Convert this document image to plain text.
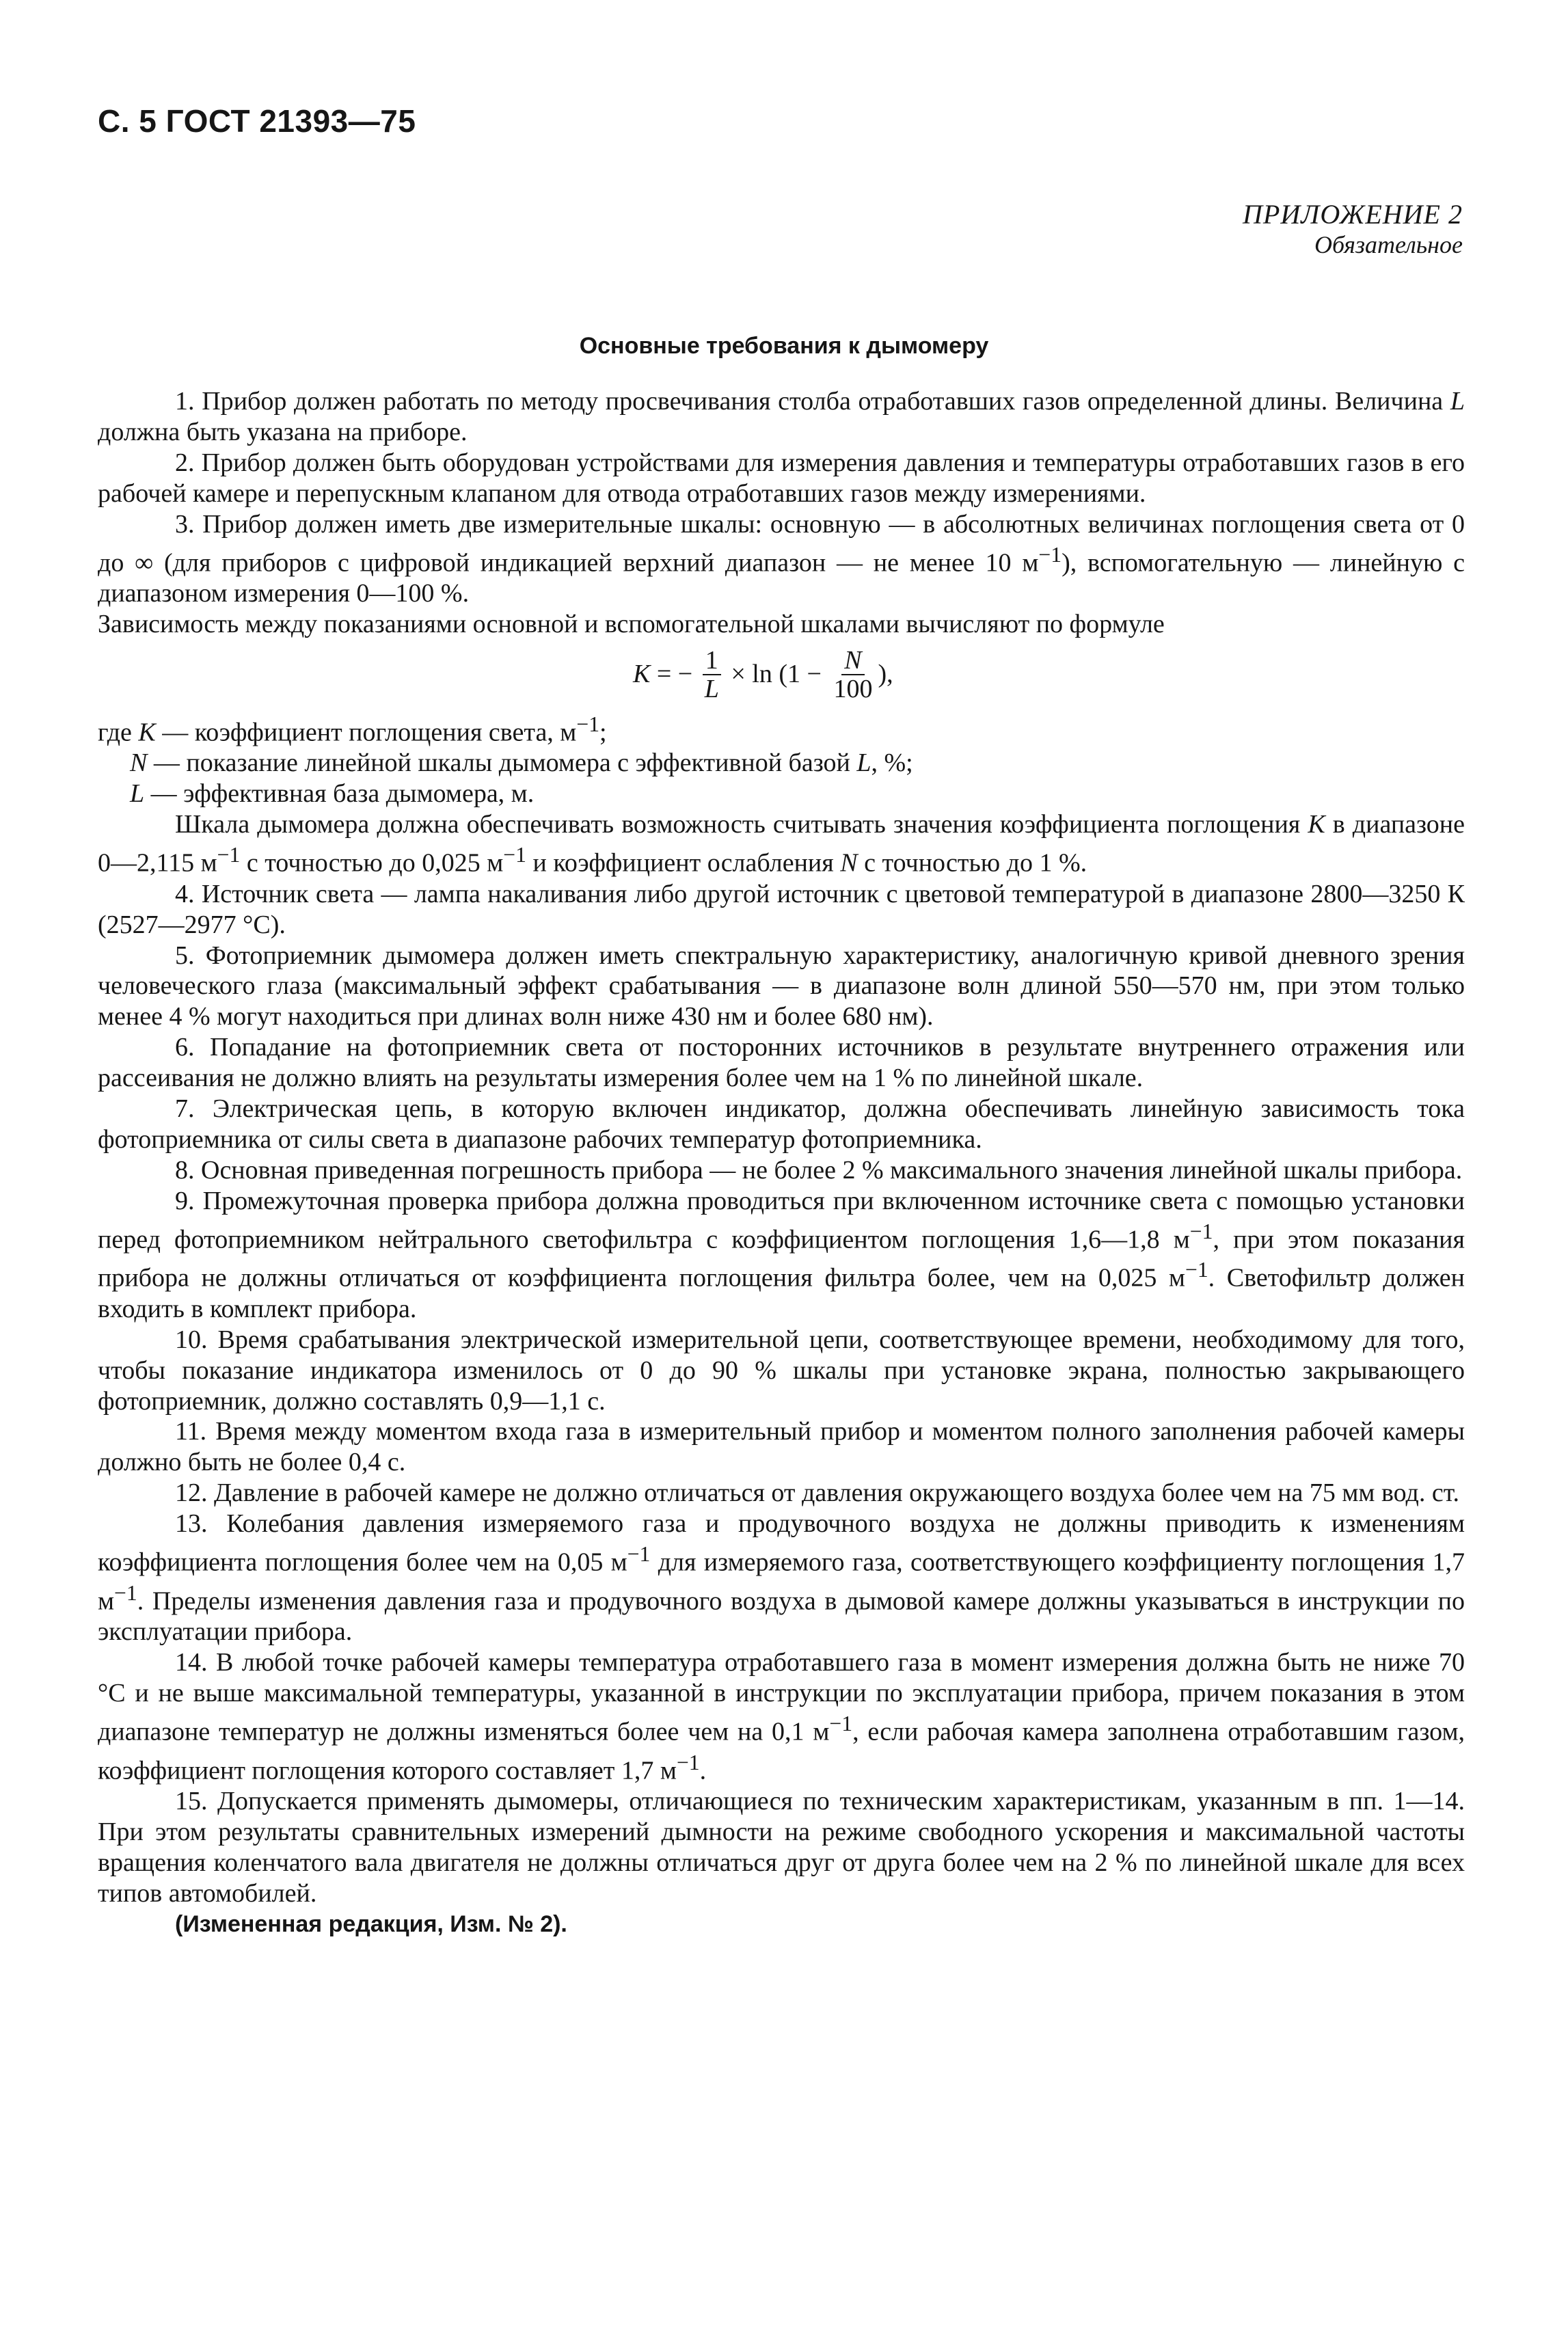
С. 5 ГОСТ 21393—75
ПРИЛОЖЕНИЕ 2
Обязательное
Основные требования к дымомеру

1. Прибор должен работать по методу просвечивания столба отработавших газов определенной длины. Величина L должна быть указана на приборе.

2. Прибор должен быть оборудован устройствами для измерения давления и температуры отработавших газов в его рабочей камере и перепускным клапаном для отвода отработавших газов между измерениями.

3. Прибор должен иметь две измерительные шкалы: основную — в абсолютных величинах поглощения света от 0 до ∞ (для приборов с цифровой индикацией верхний диапазон — не менее 10 $м^{-1}$), вспомогательную — линейную с диапазоном измерения 0—100 %.

Зависимость между показаниями основной и вспомогательной шкалами вычисляют по формуле

K = − $\frac{1}{L} \times \ln (1 - \frac{N}{100}$ ),

где K — коэффициент поглощения света, $м^{-1}$;

N — показание линейной шкалы дымомера с эффективной базой L, %;

L — эффективная база дымомера, м.

Шкала дымомера должна обеспечивать возможность считывать значения коэффициента поглощения K в диапазоне 0—2,115 $м^{-1}$ с точностью до 0,025 $м^{-1}$ и коэффициент ослабления N с точностью до 1 %.

4. Источник света — лампа накаливания либо другой источник с цветовой температурой в диапазоне 2800—3250 К (2527—2977 °С).

5. Фотоприемник дымомера должен иметь спектральную характеристику, аналогичную кривой дневного зрения человеческого глаза (максимальный эффект срабатывания — в диапазоне волн длиной 550—570 нм, при этом только менее 4 % могут находиться при длинах волн ниже 430 нм и более 680 нм).

6. Попадание на фотоприемник света от посторонних источников в результате внутреннего отражения или рассеивания не должно влиять на результаты измерения более чем на 1 % по линейной шкале.

7. Электрическая цепь, в которую включен индикатор, должна обеспечивать линейную зависимость тока фотоприемника от силы света в диапазоне рабочих температур фотоприемника.

8. Основная приведенная погрешность прибора — не более 2 % максимального значения линейной шкалы прибора.

9. Промежуточная проверка прибора должна проводиться при включенном источнике света с помощью установки перед фотоприемником нейтрального светофильтра с коэффициентом поглощения 1,6—1,8 $м^{-1}$, при этом показания прибора не должны отличаться от коэффициента поглощения фильтра более, чем на 0,025 $м^{-1}$. Светофильтр должен входить в комплект прибора.

10. Время срабатывания электрической измерительной цепи, соответствующее времени, необходимому для того, чтобы показание индикатора изменилось от 0 до 90 % шкалы при установке экрана, полностью закрывающего фотоприемник, должно составлять 0,9—1,1 с.

11. Время между моментом входа газа в измерительный прибор и моментом полного заполнения рабочей камеры должно быть не более 0,4 с.

12. Давление в рабочей камере не должно отличаться от давления окружающего воздуха более чем на 75 мм вод. ст.

13. Колебания давления измеряемого газа и продувочного воздуха не должны приводить к изменениям коэффициента поглощения более чем на 0,05 $м^{-1}$ для измеряемого газа, соответствующего коэффициенту поглощения 1,7 $м^{-1}$. Пределы изменения давления газа и продувочного воздуха в дымовой камере должны указываться в инструкции по эксплуатации прибора.

14. В любой точке рабочей камеры температура отработавшего газа в момент измерения должна быть не ниже 70 °С и не выше максимальной температуры, указанной в инструкции по эксплуатации прибора, причем показания в этом диапазоне температур не должны изменяться более чем на 0,1 $м^{-1}$, если рабочая камера заполнена отработавшим газом, коэффициент поглощения которого составляет 1,7 $м^{-1}$.

15. Допускается применять дымомеры, отличающиеся по техническим характеристикам, указанным в пп. 1—14. При этом результаты сравнительных измерений дымности на режиме свободного ускорения и максимальной частоты вращения коленчатого вала двигателя не должны отличаться друг от друга более чем на 2 % по линейной шкале для всех типов автомобилей.

(Измененная редакция, Изм. № 2).
